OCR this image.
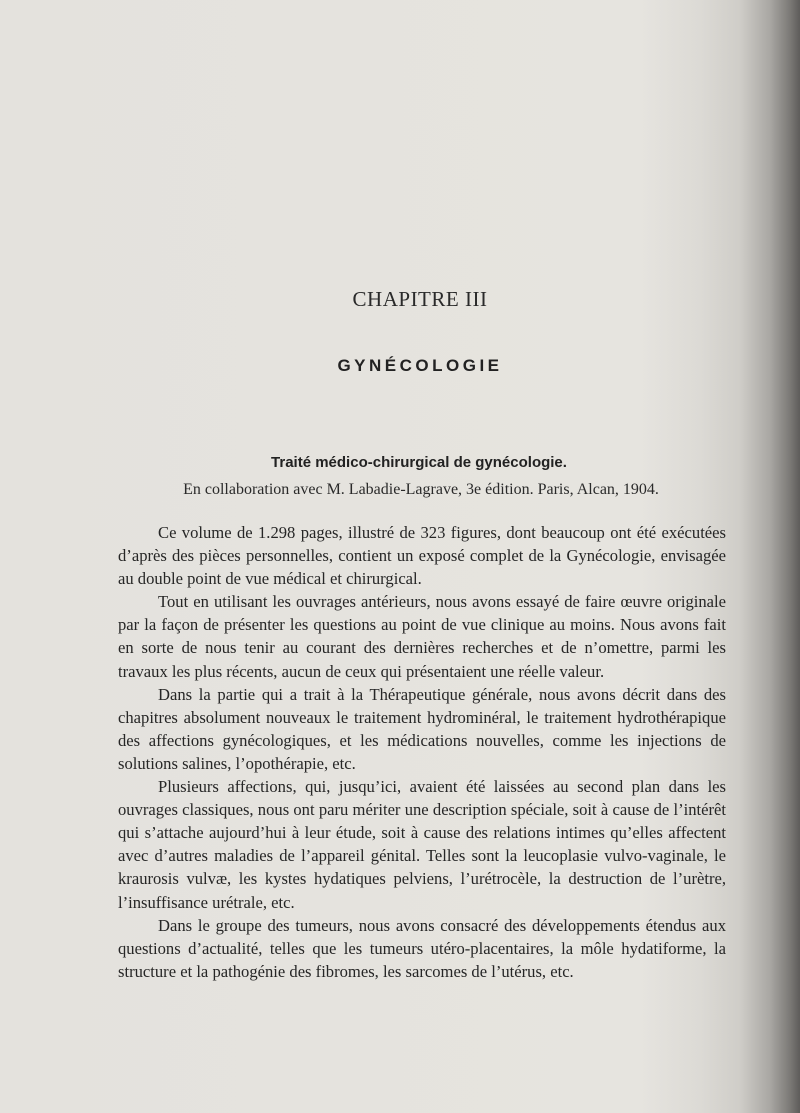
CHAPITRE III
GYNÉCOLOGIE
Traité médico-chirurgical de gynécologie.
En collaboration avec M. Labadie-Lagrave, 3e édition. Paris, Alcan, 1904.

Ce volume de 1.298 pages, illustré de 323 figures, dont beaucoup ont été exécutées d’après des pièces personnelles, contient un exposé complet de la Gynécologie, envisagée au double point de vue médical et chirurgical.

Tout en utilisant les ouvrages antérieurs, nous avons essayé de faire œuvre originale par la façon de présenter les questions au point de vue clinique au moins. Nous avons fait en sorte de nous tenir au courant des dernières recherches et de n’omettre, parmi les travaux les plus récents, aucun de ceux qui présentaient une réelle valeur.

Dans la partie qui a trait à la Thérapeutique générale, nous avons décrit dans des chapitres absolument nouveaux le traitement hydrominéral, le traitement hydrothérapique des affections gynécologiques, et les médications nouvelles, comme les injections de solutions salines, l’opothérapie, etc.

Plusieurs affections, qui, jusqu’ici, avaient été laissées au second plan dans les ouvrages classiques, nous ont paru mériter une description spéciale, soit à cause de l’intérêt qui s’attache aujourd’hui à leur étude, soit à cause des relations intimes qu’elles affectent avec d’autres maladies de l’appareil génital. Telles sont la leucoplasie vulvo-vaginale, le kraurosis vulvæ, les kystes hydatiques pelviens, l’urétrocèle, la destruction de l’urètre, l’insuffisance urétrale, etc.

Dans le groupe des tumeurs, nous avons consacré des développements étendus aux questions d’actualité, telles que les tumeurs utéro-placentaires, la môle hydatiforme, la structure et la pathogénie des fibromes, les sarcomes de l’utérus, etc.
